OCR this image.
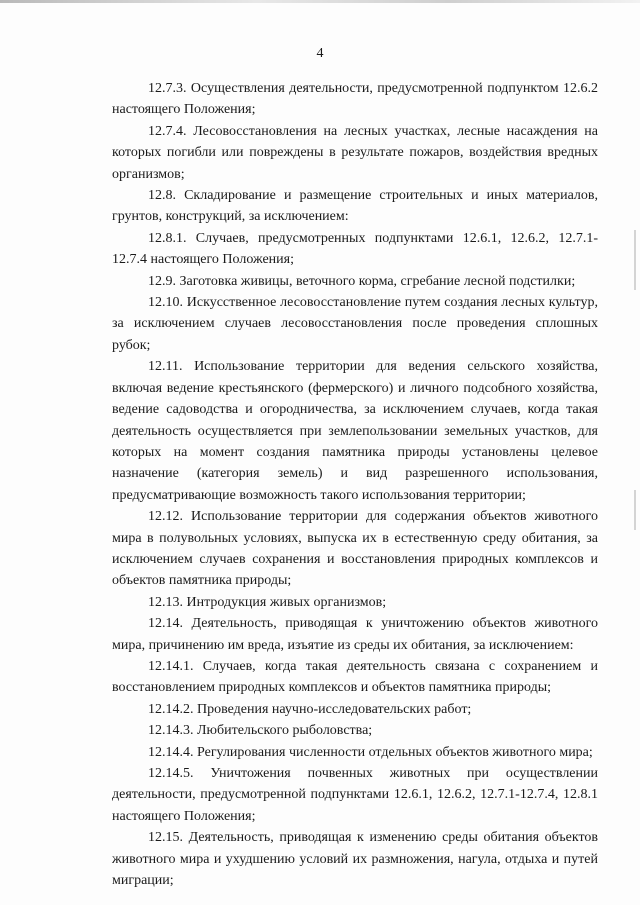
4

12.7.3. Осуществления деятельности, предусмотренной подпунктом 12.6.2 настоящего Положения;

12.7.4. Лесовосстановления на лесных участках, лесные насаждения на которых погибли или повреждены в результате пожаров, воздействия вредных организмов;

12.8. Складирование и размещение строительных и иных материалов, грунтов, конструкций, за исключением:

12.8.1. Случаев, предусмотренных подпунктами 12.6.1, 12.6.2, 12.7.1-12.7.4 настоящего Положения;

12.9. Заготовка живицы, веточного корма, сгребание лесной подстилки;

12.10. Искусственное лесовосстановление путем создания лесных культур, за исключением случаев лесовосстановления после проведения сплошных рубок;

12.11. Использование территории для ведения сельского хозяйства, включая ведение крестьянского (фермерского) и личного подсобного хозяйства, ведение садоводства и огородничества, за исключением случаев, когда такая деятельность осуществляется при землепользовании земельных участков, для которых на момент создания памятника природы установлены целевое назначение (категория земель) и вид разрешенного использования, предусматривающие возможность такого использования территории;

12.12. Использование территории для содержания объектов животного мира в полувольных условиях, выпуска их в естественную среду обитания, за исключением случаев сохранения и восстановления природных комплексов и объектов памятника природы;

12.13. Интродукция живых организмов;

12.14. Деятельность, приводящая к уничтожению объектов животного мира, причинению им вреда, изъятие из среды их обитания, за исключением:

12.14.1. Случаев, когда такая деятельность связана с сохранением и восстановлением природных комплексов и объектов памятника природы;

12.14.2. Проведения научно-исследовательских работ;

12.14.3. Любительского рыболовства;

12.14.4. Регулирования численности отдельных объектов животного мира;

12.14.5. Уничтожения почвенных животных при осуществлении деятельности, предусмотренной подпунктами 12.6.1, 12.6.2, 12.7.1-12.7.4, 12.8.1 настоящего Положения;

12.15. Деятельность, приводящая к изменению среды обитания объектов животного мира и ухудшению условий их размножения, нагула, отдыха и путей миграции;
